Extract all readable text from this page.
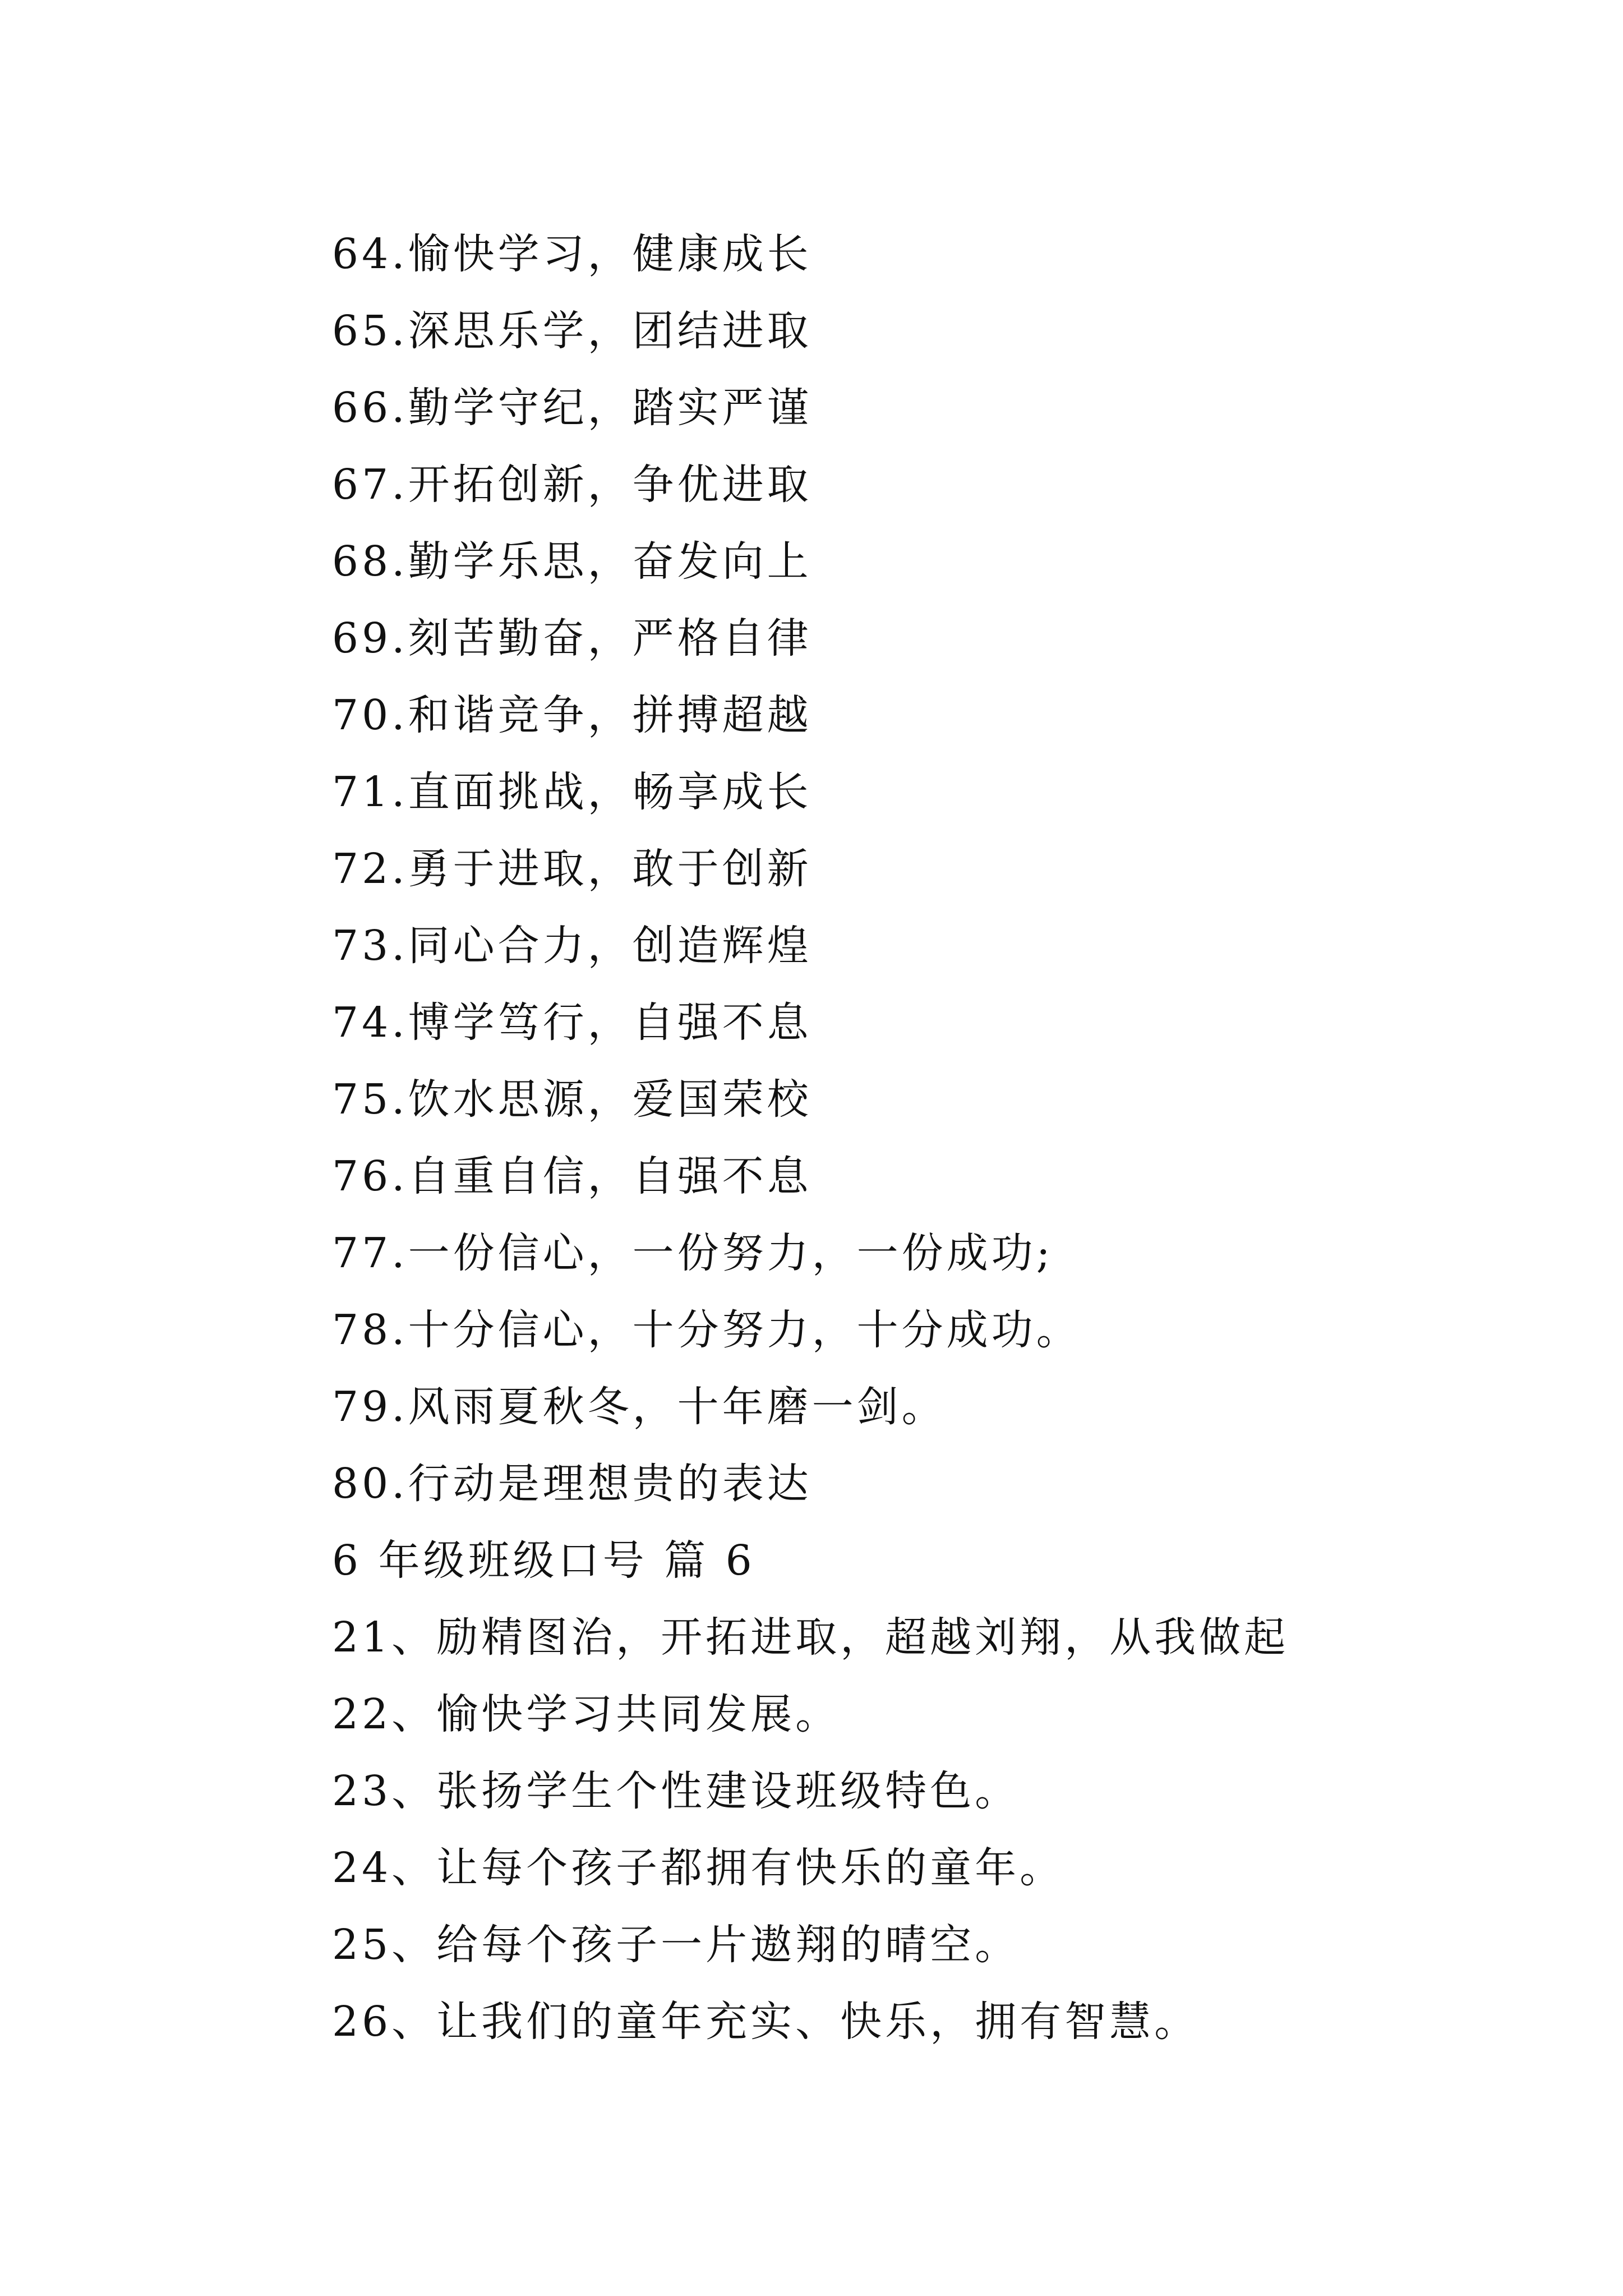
64.愉快学习，健康成长
65.深思乐学，团结进取
66.勤学守纪，踏实严谨
67.开拓创新，争优进取
68.勤学乐思，奋发向上
69.刻苦勤奋，严格自律
70.和谐竞争，拼搏超越
71.直面挑战，畅享成长
72.勇于进取，敢于创新
73.同心合力，创造辉煌
74.博学笃行，自强不息
75.饮水思源，爱国荣校
76.自重自信，自强不息
77.一份信心，一份努力，一份成功;
78.十分信心，十分努力，十分成功。
79.风雨夏秋冬，十年磨一剑。
80.行动是理想贵的表达
6 年级班级口号 篇 6
21、励精图治，开拓进取，超越刘翔，从我做起
22、愉快学习共同发展。
23、张扬学生个性建设班级特色。
24、让每个孩子都拥有快乐的童年。
25、给每个孩子一片遨翔的晴空。
26、让我们的童年充实、快乐，拥有智慧。
